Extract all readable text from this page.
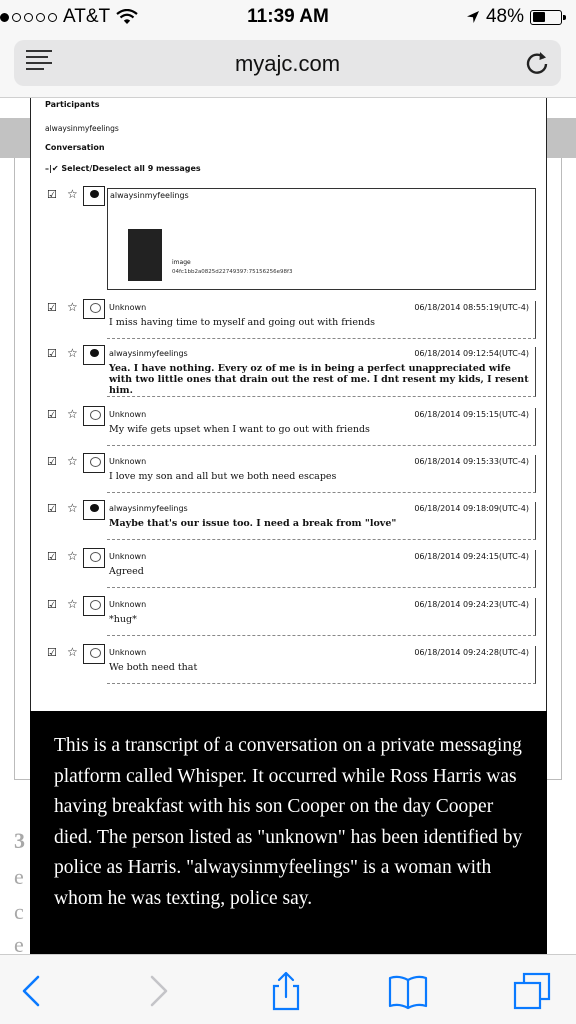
AT&T	11:39 AM	48%
myajc.com
3
e
c
e
Participants
alwaysinmyfeelings
Conversation
–|✔ Select/Deselect all 9 messages
☑ ☆	alwaysinmyfeelings
image
04fc1bb2a0825d22749397:75156256e98f3
☑ ☆	Unknown	06/18/2014 08:55:19(UTC-4)
I miss having time to myself and going out with friends
☑ ☆	alwaysinmyfeelings	06/18/2014 09:12:54(UTC-4)
Yea. I have nothing. Every oz of me is in being a perfect unappreciated wife with two little ones that drain out the rest of me. I dnt resent my kids, I resent him.
☑ ☆	Unknown	06/18/2014 09:15:15(UTC-4)
My wife gets upset when I want to go out with friends
☑ ☆	Unknown	06/18/2014 09:15:33(UTC-4)
I love my son and all but we both need escapes
☑ ☆	alwaysinmyfeelings	06/18/2014 09:18:09(UTC-4)
Maybe that's our issue too. I need a break from "love"
☑ ☆	Unknown	06/18/2014 09:24:15(UTC-4)
Agreed
☑ ☆	Unknown	06/18/2014 09:24:23(UTC-4)
*hug*
☑ ☆	Unknown	06/18/2014 09:24:28(UTC-4)
We both need that
This is a transcript of a conversation on a private messaging platform called Whisper. It occurred while Ross Harris was having breakfast with his son Cooper on the day Cooper died. The person listed as "unknown" has been identified by police as Harris. "alwaysinmyfeelings" is a woman with whom he was texting, police say.
